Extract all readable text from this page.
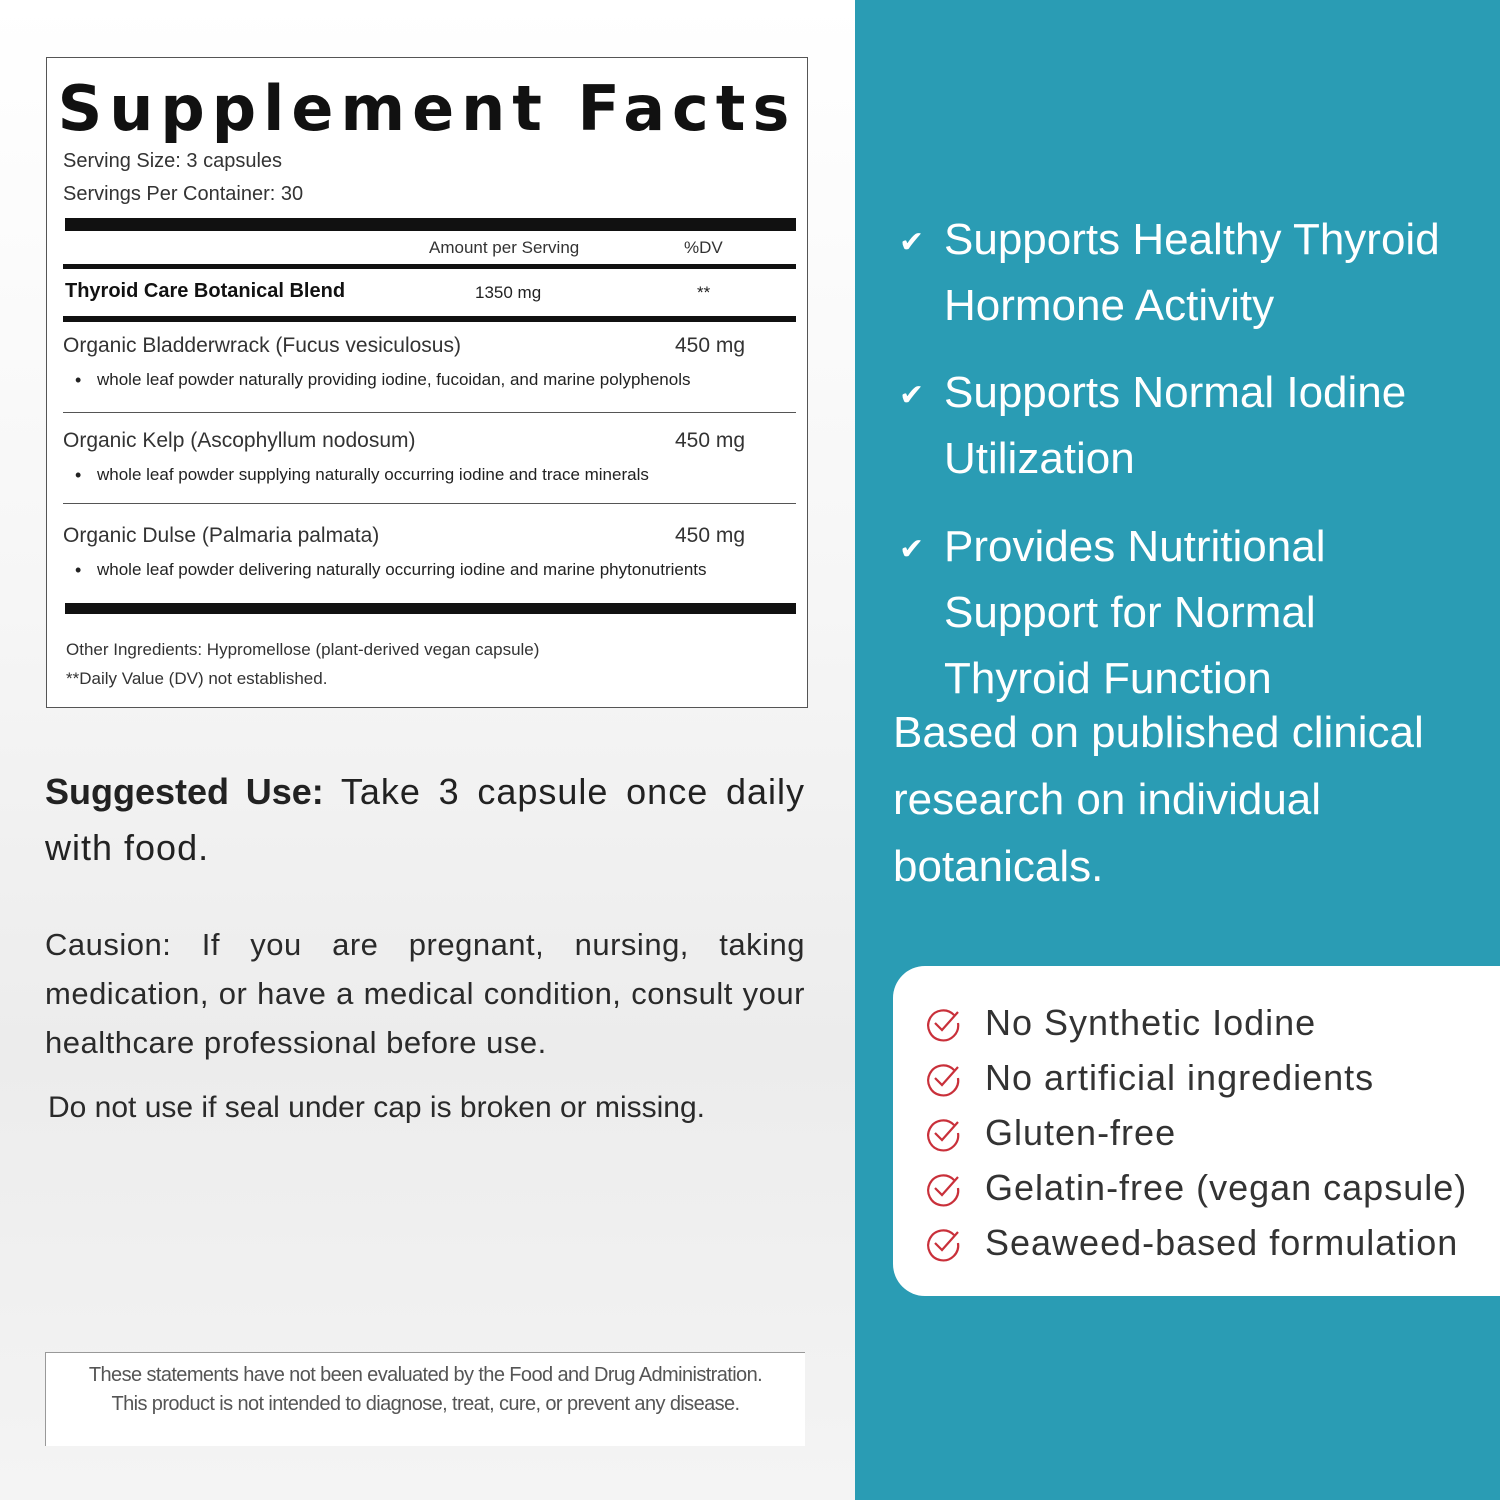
Supplement Facts
Serving Size: 3 capsules
Servings Per Container: 30
Amount per Serving	%DV
Thyroid Care Botanical Blend	1350 mg	**
Organic Bladderwrack (Fucus vesiculosus)	450 mg
• whole leaf powder naturally providing iodine, fucoidan, and marine polyphenols
Organic Kelp (Ascophyllum nodosum)	450 mg
• whole leaf powder supplying naturally occurring iodine and trace minerals
Organic Dulse (Palmaria palmata)	450 mg
• whole leaf powder delivering naturally occurring iodine and marine phytonutrients
Other Ingredients: Hypromellose (plant-derived vegan capsule)
**Daily Value (DV) not established.
Suggested Use: Take 3 capsule once daily with food.
Causion: If you are pregnant, nursing, taking medication, or have a medical condition, consult your healthcare professional before use.
Do not use if seal under cap is broken or missing.
These statements have not been evaluated by the Food and Drug Administration.
This product is not intended to diagnose, treat, cure, or prevent any disease.
✔ Supports Healthy Thyroid Hormone Activity
✔ Supports Normal Iodine Utilization
✔ Provides Nutritional Support for Normal Thyroid Function
Based on published clinical research on individual botanicals.
No Synthetic Iodine
No artificial ingredients
Gluten-free
Gelatin-free (vegan capsule)
Seaweed-based formulation
